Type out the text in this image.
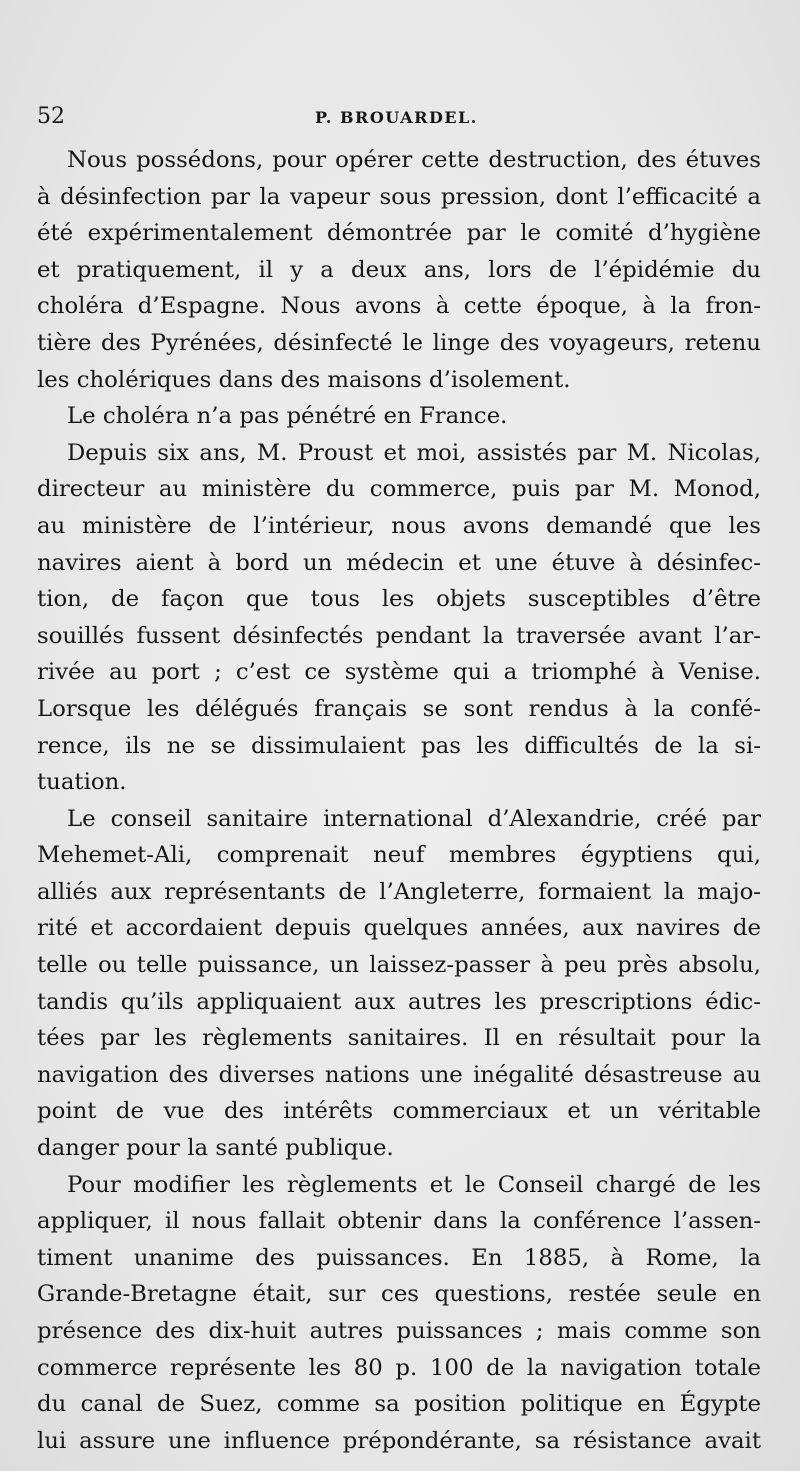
52	P. BROUARDEL.
Nous possédons, pour opérer cette destruction, des étuves
à désinfection par la vapeur sous pression, dont l’efficacité a
été expérimentalement démontrée par le comité d’hygiène
et pratiquement, il y a deux ans, lors de l’épidémie du
choléra d’Espagne. Nous avons à cette époque, à la fron-
tière des Pyrénées, désinfecté le linge des voyageurs, retenu
les cholériques dans des maisons d’isolement.
Le choléra n’a pas pénétré en France.
Depuis six ans, M. Proust et moi, assistés par M. Nicolas,
directeur au ministère du commerce, puis par M. Monod,
au ministère de l’intérieur, nous avons demandé que les
navires aient à bord un médecin et une étuve à désinfec-
tion, de façon que tous les objets susceptibles d’être
souillés fussent désinfectés pendant la traversée avant l’ar-
rivée au port ; c’est ce système qui a triomphé à Venise.
Lorsque les délégués français se sont rendus à la confé-
rence, ils ne se dissimulaient pas les difficultés de la si-
tuation.
Le conseil sanitaire international d’Alexandrie, créé par
Mehemet-Ali, comprenait neuf membres égyptiens qui,
alliés aux représentants de l’Angleterre, formaient la majo-
rité et accordaient depuis quelques années, aux navires de
telle ou telle puissance, un laissez-passer à peu près absolu,
tandis qu’ils appliquaient aux autres les prescriptions édic-
tées par les règlements sanitaires. Il en résultait pour la
navigation des diverses nations une inégalité désastreuse au
point de vue des intérêts commerciaux et un véritable
danger pour la santé publique.
Pour modifier les règlements et le Conseil chargé de les
appliquer, il nous fallait obtenir dans la conférence l’assen-
timent unanime des puissances. En 1885, à Rome, la
Grande-Bretagne était, sur ces questions, restée seule en
présence des dix-huit autres puissances ; mais comme son
commerce représente les 80 p. 100 de la navigation totale
du canal de Suez, comme sa position politique en Égypte
lui assure une influence prépondérante, sa résistance avait
